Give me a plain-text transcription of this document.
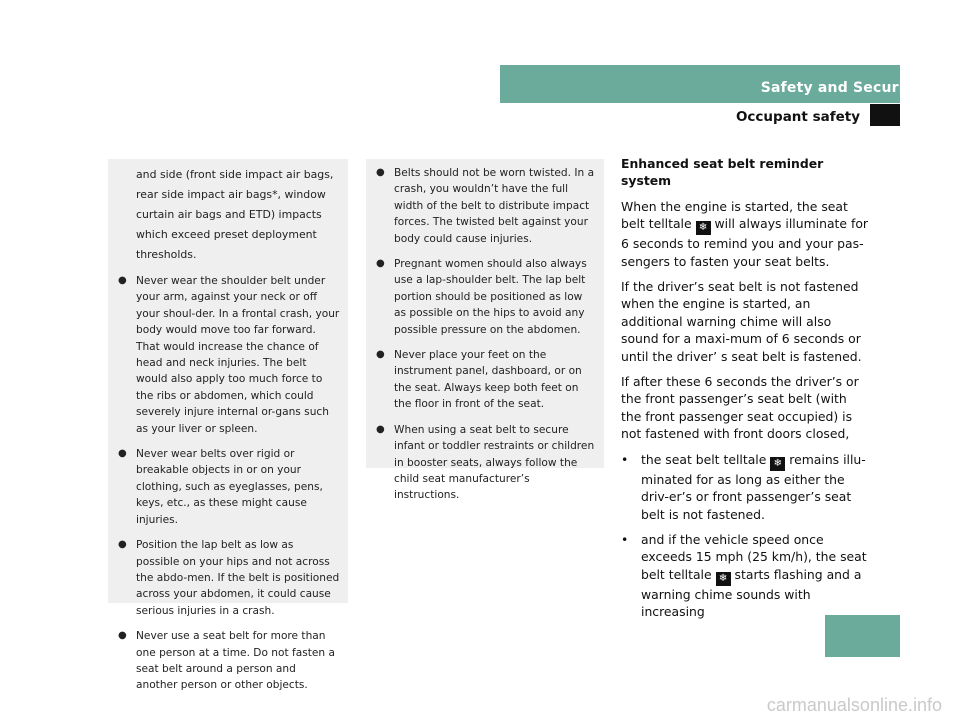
Safety and Security
Occupant safety
71

and side (front side impact air bags, rear side impact air bags*, window curtain air bags and ETD) impacts which exceed preset deployment thresholds.

● Never wear the shoulder belt under your arm, against your neck or off your shoul-der. In a frontal crash, your body would move too far forward. That would increase the chance of head and neck injuries. The belt would also apply too much force to the ribs or abdomen, which could severely injure internal or-gans such as your liver or spleen.
● Never wear belts over rigid or breakable objects in or on your clothing, such as eyeglasses, pens, keys, etc., as these might cause injuries.
● Position the lap belt as low as possible on your hips and not across the abdo-men. If the belt is positioned across your abdomen, it could cause serious injuries in a crash.
● Never use a seat belt for more than one person at a time. Do not fasten a seat belt around a person and another person or other objects.
● Belts should not be worn twisted. In a crash, you wouldn’t have the full width of the belt to distribute impact forces. The twisted belt against your body could cause injuries.
● Pregnant women should also always use a lap-shoulder belt. The lap belt portion should be positioned as low as possible on the hips to avoid any possible pressure on the abdomen.
● Never place your feet on the instrument panel, dashboard, or on the seat. Always keep both feet on the floor in front of the seat.
● When using a seat belt to secure infant or toddler restraints or children in booster seats, always follow the child seat manufacturer’s instructions.
Enhanced seat belt reminder system

When the engine is started, the seat belt telltale ❄ will always illuminate for 6 seconds to remind you and your pas-sengers to fasten your seat belts.

If the driver’s seat belt is not fastened when the engine is started, an additional warning chime will also sound for a maxi-mum of 6 seconds or until the driver’ s seat belt is fastened.

If after these 6 seconds the driver’s or the front passenger’s seat belt (with the front passenger seat occupied) is not fastened with front doors closed,

• the seat belt telltale ❄ remains illu-minated for as long as either the driv-er’s or front passenger’s seat belt is not fastened.
• and if the vehicle speed once exceeds 15 mph (25 km/h), the seat belt telltale ❄ starts flashing and a warning chime sounds with increasing
carmanualsonline.info
